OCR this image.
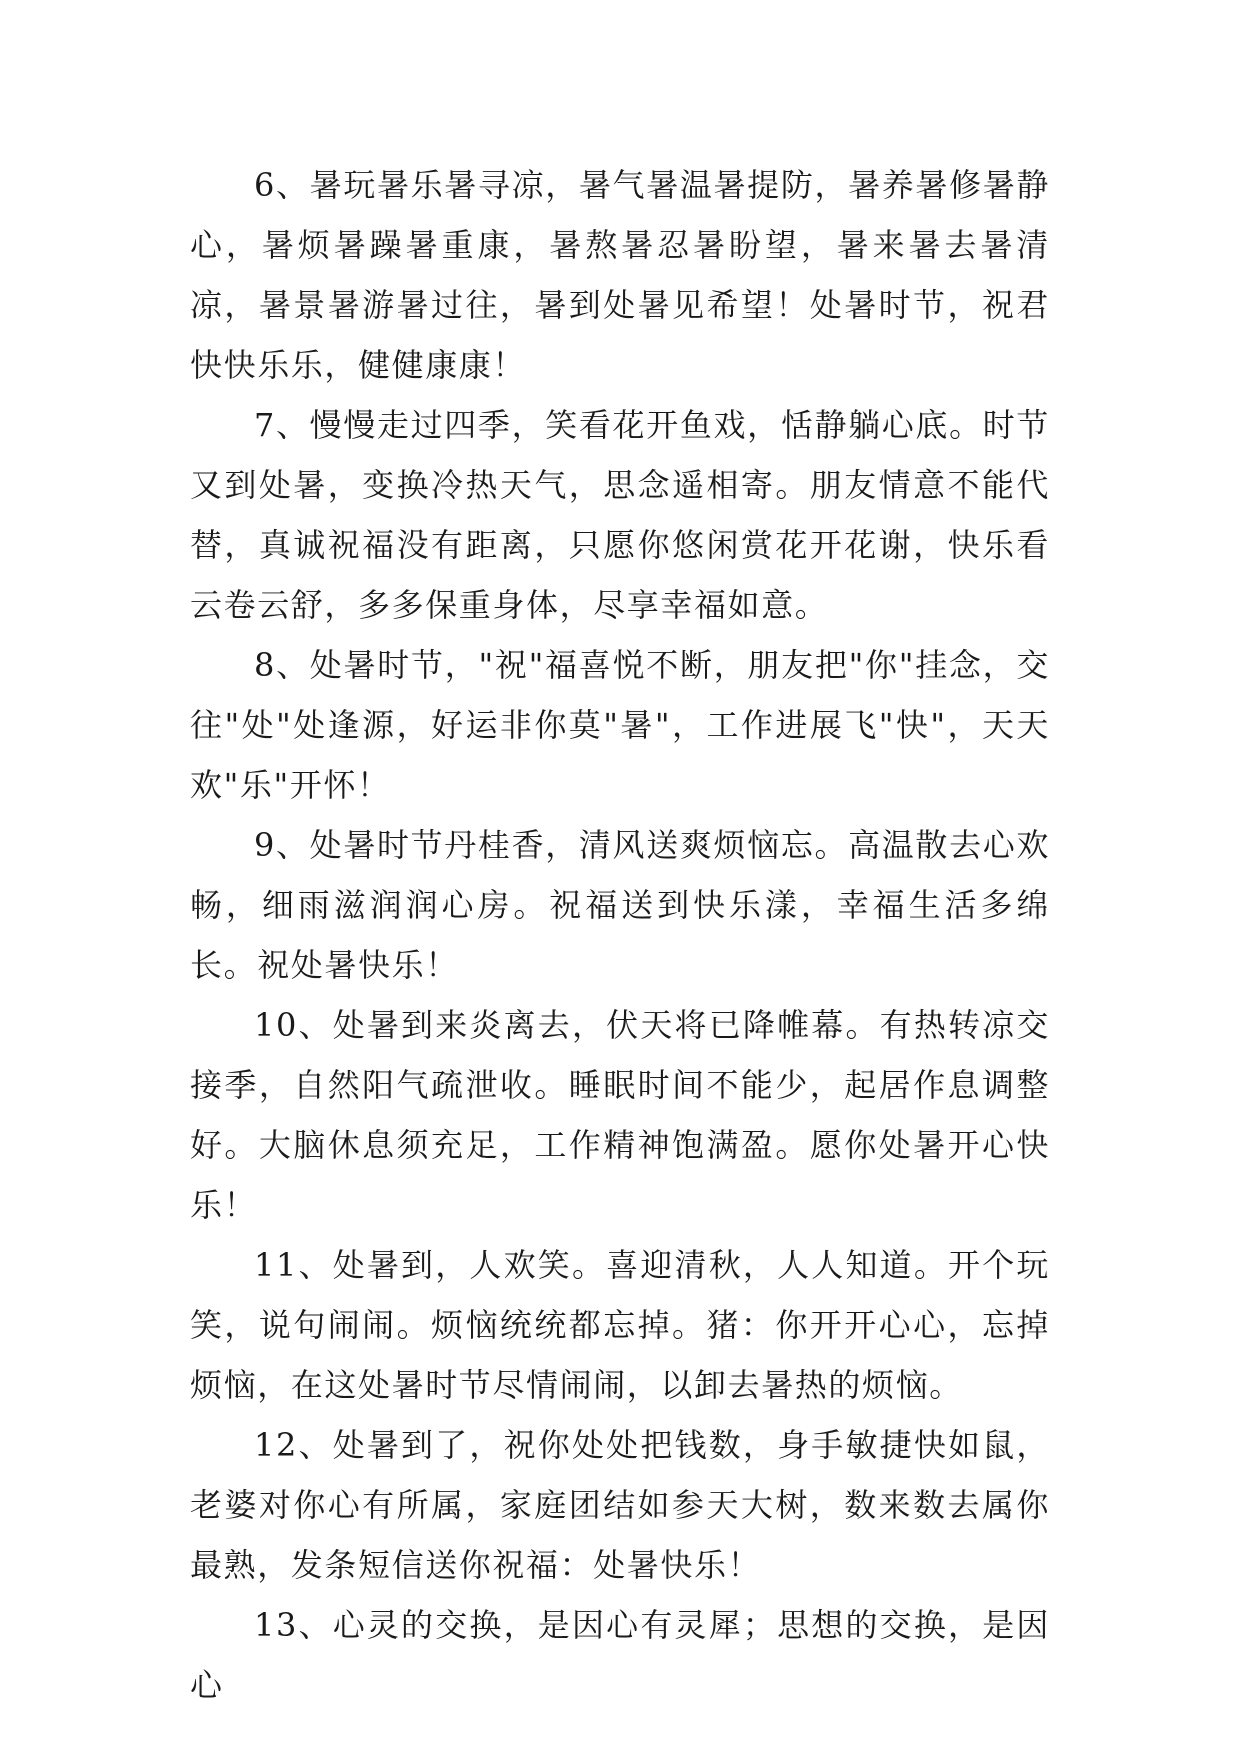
6、暑玩暑乐暑寻凉，暑气暑温暑提防，暑养暑修暑静心，暑烦暑躁暑重康，暑熬暑忍暑盼望，暑来暑去暑清凉，暑景暑游暑过往，暑到处暑见希望！处暑时节，祝君快快乐乐，健健康康！

7、慢慢走过四季，笑看花开鱼戏，恬静躺心底。时节又到处暑，变换冷热天气，思念遥相寄。朋友情意不能代替，真诚祝福没有距离，只愿你悠闲赏花开花谢，快乐看云卷云舒，多多保重身体，尽享幸福如意。

8、处暑时节，"祝"福喜悦不断，朋友把"你"挂念，交往"处"处逢源，好运非你莫"暑"，工作进展飞"快"，天天欢"乐"开怀！

9、处暑时节丹桂香，清风送爽烦恼忘。高温散去心欢畅，细雨滋润润心房。祝福送到快乐漾，幸福生活多绵长。祝处暑快乐！

10、处暑到来炎离去，伏天将已降帷幕。有热转凉交接季，自然阳气疏泄收。睡眠时间不能少，起居作息调整好。大脑休息须充足，工作精神饱满盈。愿你处暑开心快乐！

11、处暑到，人欢笑。喜迎清秋，人人知道。开个玩笑，说句闹闹。烦恼统统都忘掉。猪：你开开心心，忘掉烦恼，在这处暑时节尽情闹闹，以卸去暑热的烦恼。

12、处暑到了，祝你处处把钱数，身手敏捷快如鼠，老婆对你心有所属，家庭团结如参天大树，数来数去属你最熟，发条短信送你祝福：处暑快乐！

13、心灵的交换，是因心有灵犀；思想的交换，是因心
